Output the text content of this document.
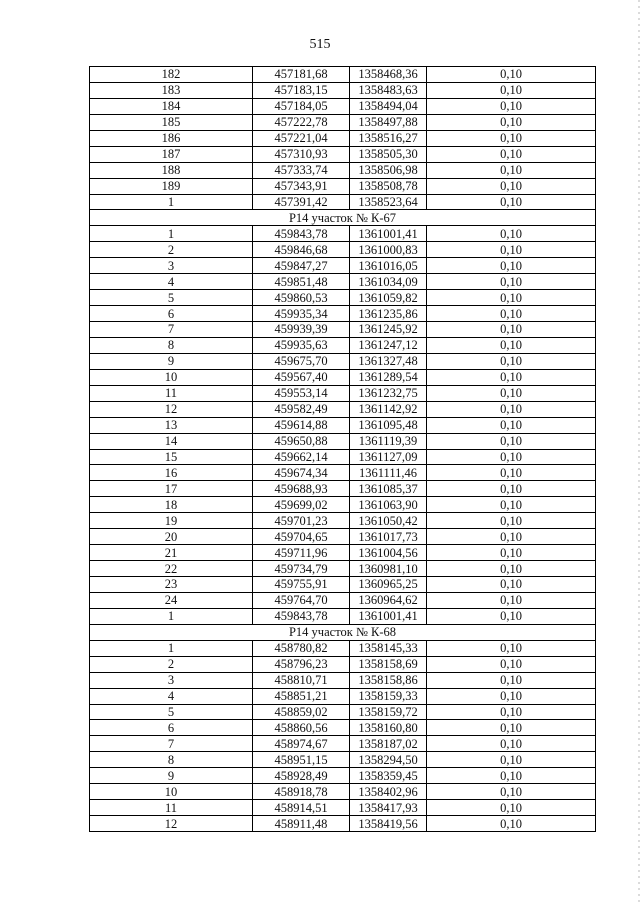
515
182	457181,68	1358468,36	0,10
183	457183,15	1358483,63	0,10
184	457184,05	1358494,04	0,10
185	457222,78	1358497,88	0,10
186	457221,04	1358516,27	0,10
187	457310,93	1358505,30	0,10
188	457333,74	1358506,98	0,10
189	457343,91	1358508,78	0,10
1	457391,42	1358523,64	0,10
Р14 участок № К-67			
1	459843,78	1361001,41	0,10
2	459846,68	1361000,83	0,10
3	459847,27	1361016,05	0,10
4	459851,48	1361034,09	0,10
5	459860,53	1361059,82	0,10
6	459935,34	1361235,86	0,10
7	459939,39	1361245,92	0,10
8	459935,63	1361247,12	0,10
9	459675,70	1361327,48	0,10
10	459567,40	1361289,54	0,10
11	459553,14	1361232,75	0,10
12	459582,49	1361142,92	0,10
13	459614,88	1361095,48	0,10
14	459650,88	1361119,39	0,10
15	459662,14	1361127,09	0,10
16	459674,34	1361111,46	0,10
17	459688,93	1361085,37	0,10
18	459699,02	1361063,90	0,10
19	459701,23	1361050,42	0,10
20	459704,65	1361017,73	0,10
21	459711,96	1361004,56	0,10
22	459734,79	1360981,10	0,10
23	459755,91	1360965,25	0,10
24	459764,70	1360964,62	0,10
1	459843,78	1361001,41	0,10
Р14 участок № К-68			
1	458780,82	1358145,33	0,10
2	458796,23	1358158,69	0,10
3	458810,71	1358158,86	0,10
4	458851,21	1358159,33	0,10
5	458859,02	1358159,72	0,10
6	458860,56	1358160,80	0,10
7	458974,67	1358187,02	0,10
8	458951,15	1358294,50	0,10
9	458928,49	1358359,45	0,10
10	458918,78	1358402,96	0,10
11	458914,51	1358417,93	0,10
12	458911,48	1358419,56	0,10
